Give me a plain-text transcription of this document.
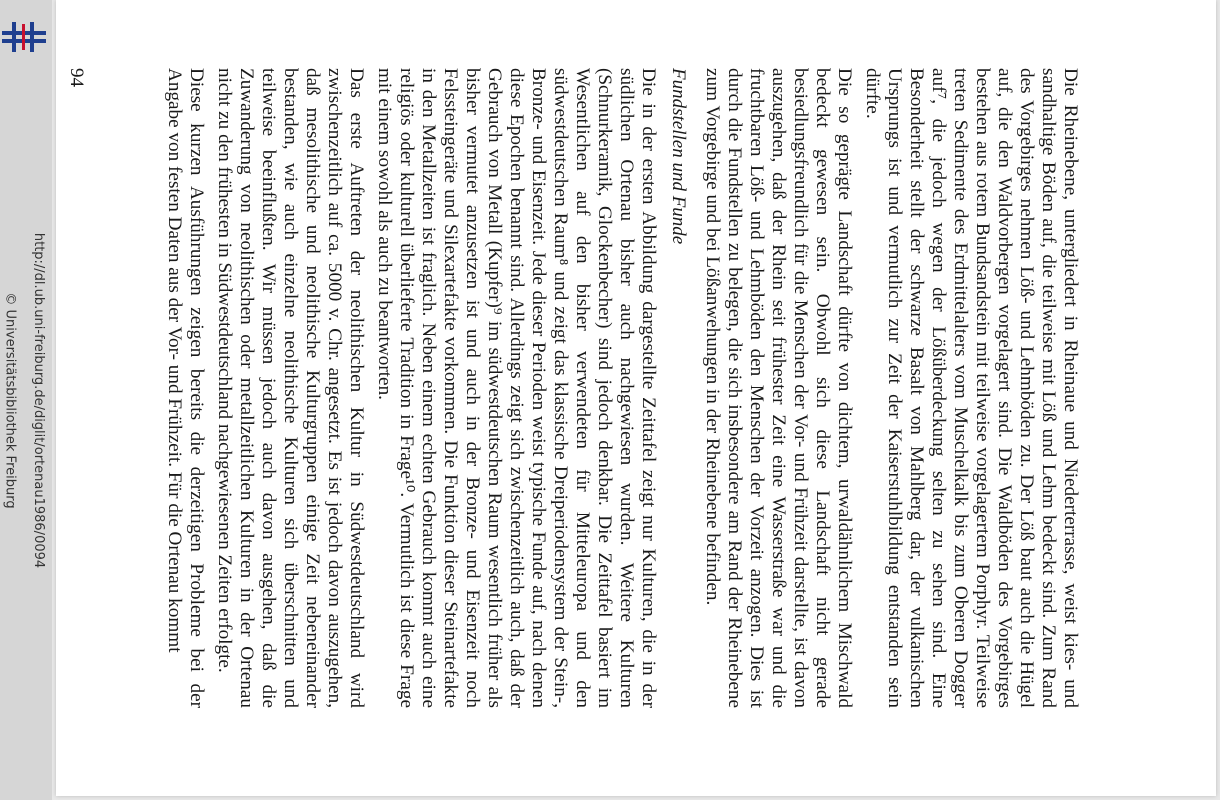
http://dl.ub.uni-freiburg.de/diglit/ortenau1986/0094
© Universitätsbibliothek Freiburg	Die Rheinebene, untergliedert in Rheinaue und Niederterrasse, weist kies- und sandhaltige Böden auf, die teilweise mit Löß und Lehm bedeckt sind. Zum Rand des Vorgebirges nehmen Löß- und Lehmböden zu. Der Löß baut auch die Hügel auf, die den Waldvorbergen vorgelagert sind. Die Waldböden des Vorgebirges bestehen aus rotem Bundsandstein mit teilweise vorgelagertem Porphyr. Teilweise treten Sedimente des Erdmittelalters vom Muschelkalk bis zum Oberen Dogger auf⁷, die jedoch wegen der Lößüberdeckung selten zu sehen sind. Eine Besonderheit stellt der schwarze Basalt von Mahlberg dar, der vulkanischen Ursprungs ist und vermutlich zur Zeit der Kaiserstuhlbildung entstanden sein dürfte.

Die so geprägte Landschaft dürfte von dichtem, urwaldähnlichem Mischwald bedeckt gewesen sein. Obwohl sich diese Landschaft nicht gerade besiedlungsfreundlich für die Menschen der Vor- und Frühzeit darstellte, ist davon auszugehen, daß der Rhein seit frühester Zeit eine Wasserstraße war und die fruchtbaren Löß- und Lehmböden den Menschen der Vorzeit anzogen. Dies ist durch die Fundstellen zu belegen, die sich insbesondere am Rand der Rheinebene zum Vorgebirge und bei Lößanwehungen in der Rheinebene befinden.

Fundstellen und Funde

Die in der ersten Abbildung dargestellte Zeittafel zeigt nur Kulturen, die in der südlichen Ortenau bisher auch nachgewiesen wurden. Weitere Kulturen (Schnurkeramik, Glockenbecher) sind jedoch denkbar. Die Zeittafel basiert im Wesentlichen auf den bisher verwendeten für Mitteleuropa und den südwestdeutschen Raum⁸ und zeigt das klassische Dreiperiodensystem der Stein-, Bronze- und Eisenzeit. Jede dieser Perioden weist typische Funde auf, nach denen diese Epochen benannt sind. Allerdings zeigt sich zwischenzeitlich auch, daß der Gebrauch von Metall (Kupfer)⁹ im südwestdeutschen Raum wesentlich früher als bisher vermutet anzusetzen ist und auch in der Bronze- und Eisenzeit noch Felssteingeräte und Silexartefakte vorkommen. Die Funktion dieser Steinartefakte in den Metallzeiten ist fraglich. Neben einem echten Gebrauch kommt auch eine religiös oder kulturell überlieferte Tradition in Frage¹⁰. Vermutlich ist diese Frage mit einem sowohl als auch zu beantworten.

Das erste Auftreten der neolithischen Kultur in Südwestdeutschland wird zwischenzeitlich auf ca. 5000 v. Chr. angesetzt. Es ist jedoch davon auszugehen, daß mesolithische und neolithische Kulturgruppen einige Zeit nebeneinander bestanden, wie auch einzelne neolithische Kulturen sich überschnitten und teilweise beeinflußten. Wir müssen jedoch auch davon ausgehen, daß die Zuwanderung von neolithischen oder metallzeitlichen Kulturen in der Ortenau nicht zu den frühesten in Südwestdeutschland nachgewiesenen Zeiten erfolgte.

Diese kurzen Ausführungen zeigen bereits die derzeitigen Probleme bei der Angabe von festen Daten aus der Vor- und Frühzeit. Für die Ortenau kommt

94
